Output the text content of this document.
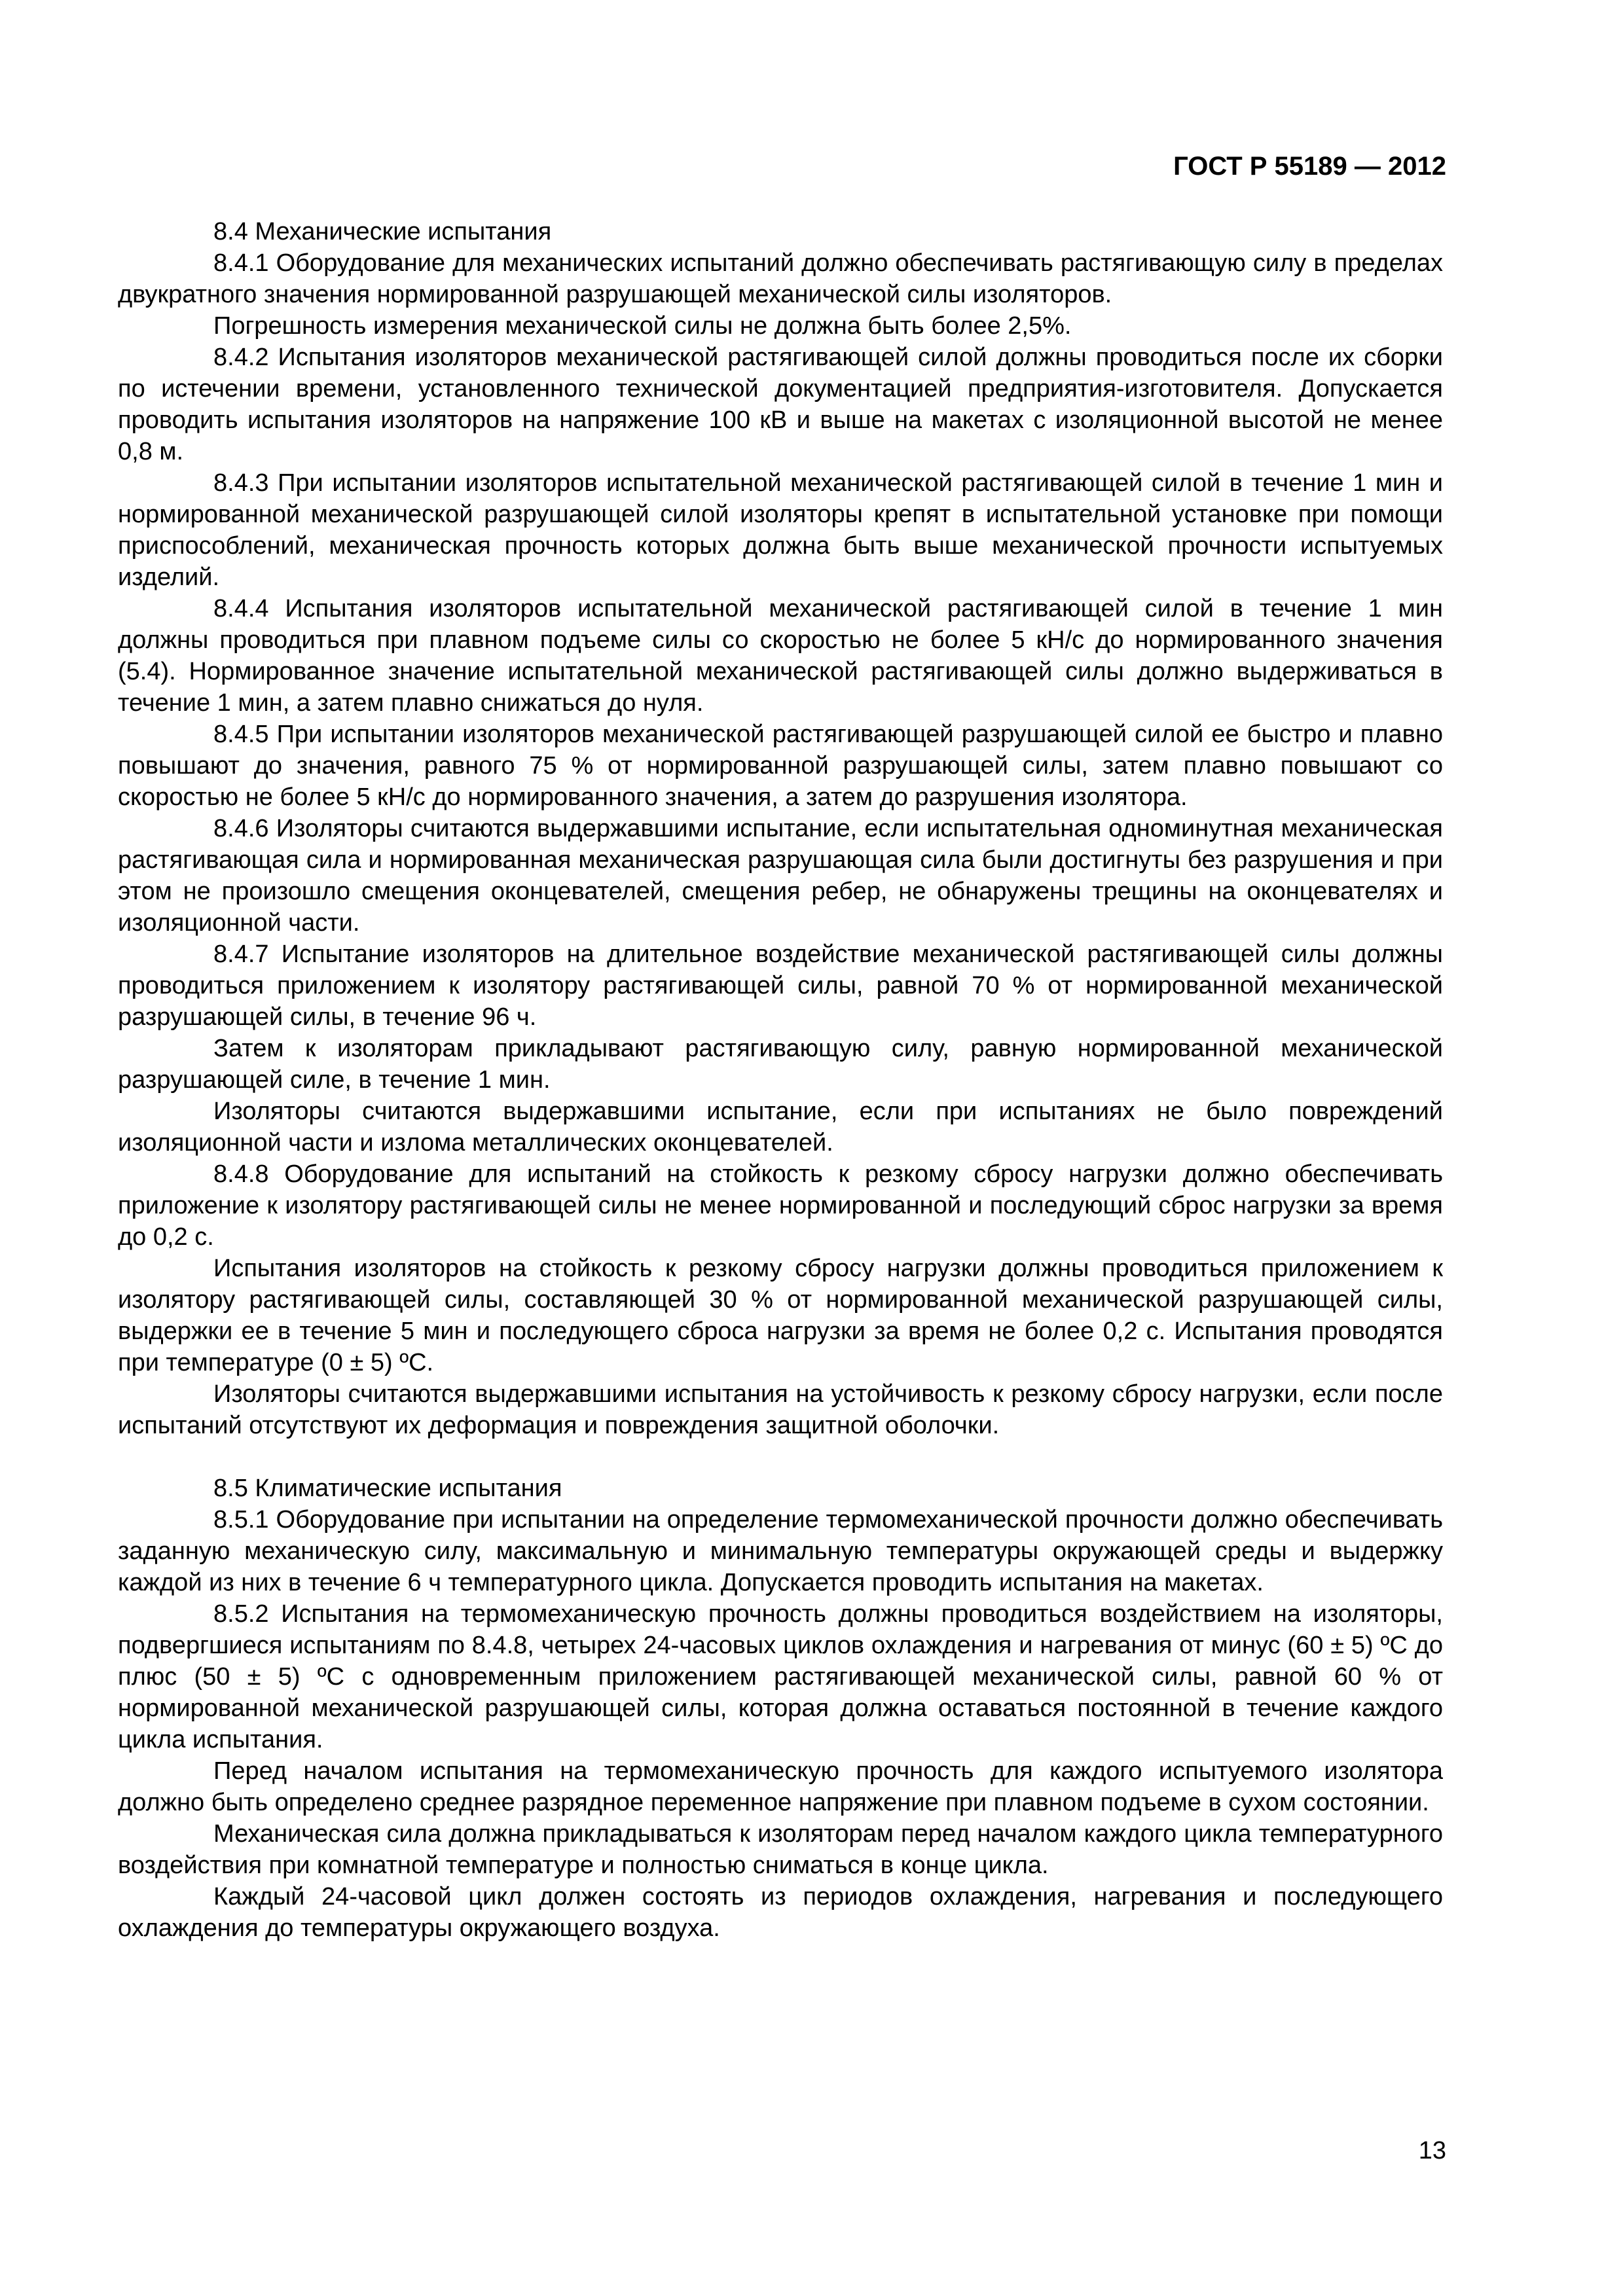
ГОСТ Р 55189 — 2012

8.4 Механические испытания

8.4.1 Оборудование для механических испытаний должно обеспечивать растягивающую силу в пределах двукратного значения нормированной разрушающей механической силы изоляторов.

Погрешность измерения механической силы не должна быть более 2,5%.

8.4.2 Испытания изоляторов механической растягивающей силой должны проводиться после их сборки по истечении времени, установленного технической документацией предприятия-изготовителя. Допускается проводить испытания изоляторов на напряжение 100 кВ и выше на макетах с изоляционной высотой не менее 0,8 м.

8.4.3 При испытании изоляторов испытательной механической растягивающей силой в течение 1 мин и нормированной механической разрушающей силой изоляторы крепят в испытательной установке при помощи приспособлений, механическая прочность которых должна быть выше механической прочности испытуемых изделий.

8.4.4 Испытания изоляторов испытательной механической растягивающей силой в течение 1 мин должны проводиться при плавном подъеме силы со скоростью не более 5 кН/с до нормированного значения (5.4). Нормированное значение испытательной механической растягивающей силы должно выдерживаться в течение 1 мин, а затем плавно снижаться до нуля.

8.4.5 При испытании изоляторов механической растягивающей разрушающей силой ее быстро и плавно повышают до значения, равного 75 % от нормированной разрушающей силы, затем плавно повышают со скоростью не более 5 кН/с до нормированного значения, а затем до разрушения изолятора.

8.4.6 Изоляторы считаются выдержавшими испытание, если испытательная одноминутная механическая растягивающая сила и нормированная механическая разрушающая сила были достигнуты без разрушения и при этом не произошло смещения оконцевателей, смещения ребер, не обнаружены трещины на оконцевателях и изоляционной части.

8.4.7 Испытание изоляторов на длительное воздействие механической растягивающей силы должны проводиться приложением к изолятору растягивающей силы, равной 70 % от нормированной механической разрушающей силы, в течение 96 ч.

Затем к изоляторам прикладывают растягивающую силу, равную нормированной механической разрушающей силе, в течение 1 мин.

Изоляторы считаются выдержавшими испытание, если при испытаниях не было повреждений изоляционной части и излома металлических оконцевателей.

8.4.8 Оборудование для испытаний на стойкость к резкому сбросу нагрузки должно обеспечивать приложение к изолятору растягивающей силы не менее нормированной и последующий сброс нагрузки за время до 0,2 с.

Испытания изоляторов на стойкость к резкому сбросу нагрузки должны проводиться приложением к изолятору растягивающей силы, составляющей 30 % от нормированной механической разрушающей силы, выдержки ее в течение 5 мин и последующего сброса нагрузки за время не более 0,2 с. Испытания проводятся при температуре (0 ± 5) ºС.

Изоляторы считаются выдержавшими испытания на устойчивость к резкому сбросу нагрузки, если после испытаний отсутствуют их деформация и повреждения защитной оболочки.

8.5 Климатические испытания

8.5.1 Оборудование при испытании на определение термомеханической прочности должно обеспечивать заданную механическую силу, максимальную и минимальную температуры окружающей среды и выдержку каждой из них в течение 6 ч температурного цикла. Допускается проводить испытания на макетах.

8.5.2 Испытания на термомеханическую прочность должны проводиться воздействием на изоляторы, подвергшиеся испытаниям по 8.4.8, четырех 24-часовых циклов охлаждения и нагревания от минус (60 ± 5) ºС до плюс (50 ± 5) ºС с одновременным приложением растягивающей механической силы, равной 60 % от нормированной механической разрушающей силы, которая должна оставаться постоянной в течение каждого цикла испытания.

Перед началом испытания на термомеханическую прочность для каждого испытуемого изолятора должно быть определено среднее разрядное переменное напряжение при плавном подъеме в сухом состоянии.

Механическая сила должна прикладываться к изоляторам перед началом каждого цикла температурного воздействия при комнатной температуре и полностью сниматься в конце цикла.

Каждый 24-часовой цикл должен состоять из периодов охлаждения, нагревания и последующего охлаждения до температуры окружающего воздуха.

13
